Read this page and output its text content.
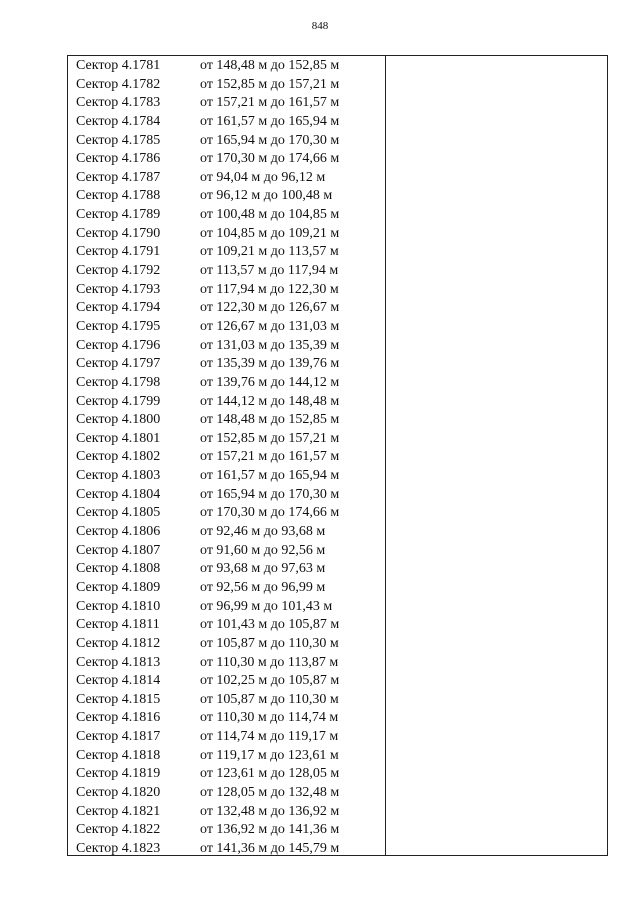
848
Сектор 4.1781	от 148,48 м до 152,85 м
Сектор 4.1782	от 152,85 м до 157,21 м
Сектор 4.1783	от 157,21 м до 161,57 м
Сектор 4.1784	от 161,57 м до 165,94 м
Сектор 4.1785	от 165,94 м до 170,30 м
Сектор 4.1786	от 170,30 м до 174,66 м
Сектор 4.1787	от 94,04 м до 96,12 м
Сектор 4.1788	от 96,12 м до 100,48 м
Сектор 4.1789	от 100,48 м до 104,85 м
Сектор 4.1790	от 104,85 м до 109,21 м
Сектор 4.1791	от 109,21 м до 113,57 м
Сектор 4.1792	от 113,57 м до 117,94 м
Сектор 4.1793	от 117,94 м до 122,30 м
Сектор 4.1794	от 122,30 м до 126,67 м
Сектор 4.1795	от 126,67 м до 131,03 м
Сектор 4.1796	от 131,03 м до 135,39 м
Сектор 4.1797	от 135,39 м до 139,76 м
Сектор 4.1798	от 139,76 м до 144,12 м
Сектор 4.1799	от 144,12 м до 148,48 м
Сектор 4.1800	от 148,48 м до 152,85 м
Сектор 4.1801	от 152,85 м до 157,21 м
Сектор 4.1802	от 157,21 м до 161,57 м
Сектор 4.1803	от 161,57 м до 165,94 м
Сектор 4.1804	от 165,94 м до 170,30 м
Сектор 4.1805	от 170,30 м до 174,66 м
Сектор 4.1806	от 92,46 м до 93,68 м
Сектор 4.1807	от 91,60 м до 92,56 м
Сектор 4.1808	от 93,68 м до 97,63 м
Сектор 4.1809	от 92,56 м до 96,99 м
Сектор 4.1810	от 96,99 м до 101,43 м
Сектор 4.1811	от 101,43 м до 105,87 м
Сектор 4.1812	от 105,87 м до 110,30 м
Сектор 4.1813	от 110,30 м до 113,87 м
Сектор 4.1814	от 102,25 м до 105,87 м
Сектор 4.1815	от 105,87 м до 110,30 м
Сектор 4.1816	от 110,30 м до 114,74 м
Сектор 4.1817	от 114,74 м до 119,17 м
Сектор 4.1818	от 119,17 м до 123,61 м
Сектор 4.1819	от 123,61 м до 128,05 м
Сектор 4.1820	от 128,05 м до 132,48 м
Сектор 4.1821	от 132,48 м до 136,92 м
Сектор 4.1822	от 136,92 м до 141,36 м
Сектор 4.1823	от 141,36 м до 145,79 м
